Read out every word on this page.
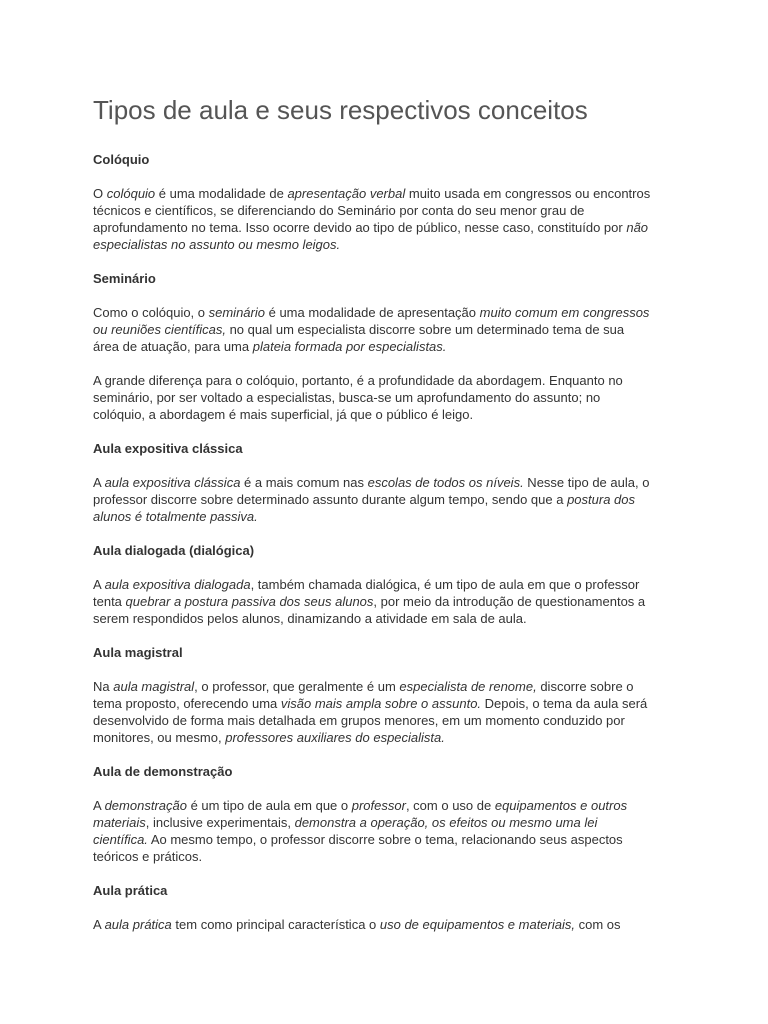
Tipos de aula e seus respectivos conceitos
Colóquio

O colóquio é uma modalidade de apresentação verbal muito usada em congressos ou encontros
técnicos e científicos, se diferenciando do Seminário por conta do seu menor grau de
aprofundamento no tema. Isso ocorre devido ao tipo de público, nesse caso, constituído por não
especialistas no assunto ou mesmo leigos.

Seminário

Como o colóquio, o seminário é uma modalidade de apresentação muito comum em congressos
ou reuniões científicas, no qual um especialista discorre sobre um determinado tema de sua
área de atuação, para uma plateia formada por especialistas.

A grande diferença para o colóquio, portanto, é a profundidade da abordagem. Enquanto no
seminário, por ser voltado a especialistas, busca-se um aprofundamento do assunto; no
colóquio, a abordagem é mais superficial, já que o público é leigo.

Aula expositiva clássica

A aula expositiva clássica é a mais comum nas escolas de todos os níveis. Nesse tipo de aula, o
professor discorre sobre determinado assunto durante algum tempo, sendo que a postura dos
alunos é totalmente passiva.

Aula dialogada (dialógica)

A aula expositiva dialogada, também chamada dialógica, é um tipo de aula em que o professor
tenta quebrar a postura passiva dos seus alunos, por meio da introdução de questionamentos a
serem respondidos pelos alunos, dinamizando a atividade em sala de aula.

Aula magistral

Na aula magistral, o professor, que geralmente é um especialista de renome, discorre sobre o
tema proposto, oferecendo uma visão mais ampla sobre o assunto. Depois, o tema da aula será
desenvolvido de forma mais detalhada em grupos menores, em um momento conduzido por
monitores, ou mesmo, professores auxiliares do especialista.

Aula de demonstração

A demonstração é um tipo de aula em que o professor, com o uso de equipamentos e outros
materiais, inclusive experimentais, demonstra a operação, os efeitos ou mesmo uma lei
científica. Ao mesmo tempo, o professor discorre sobre o tema, relacionando seus aspectos
teóricos e práticos.

Aula prática

A aula prática tem como principal característica o uso de equipamentos e materiais, com os
